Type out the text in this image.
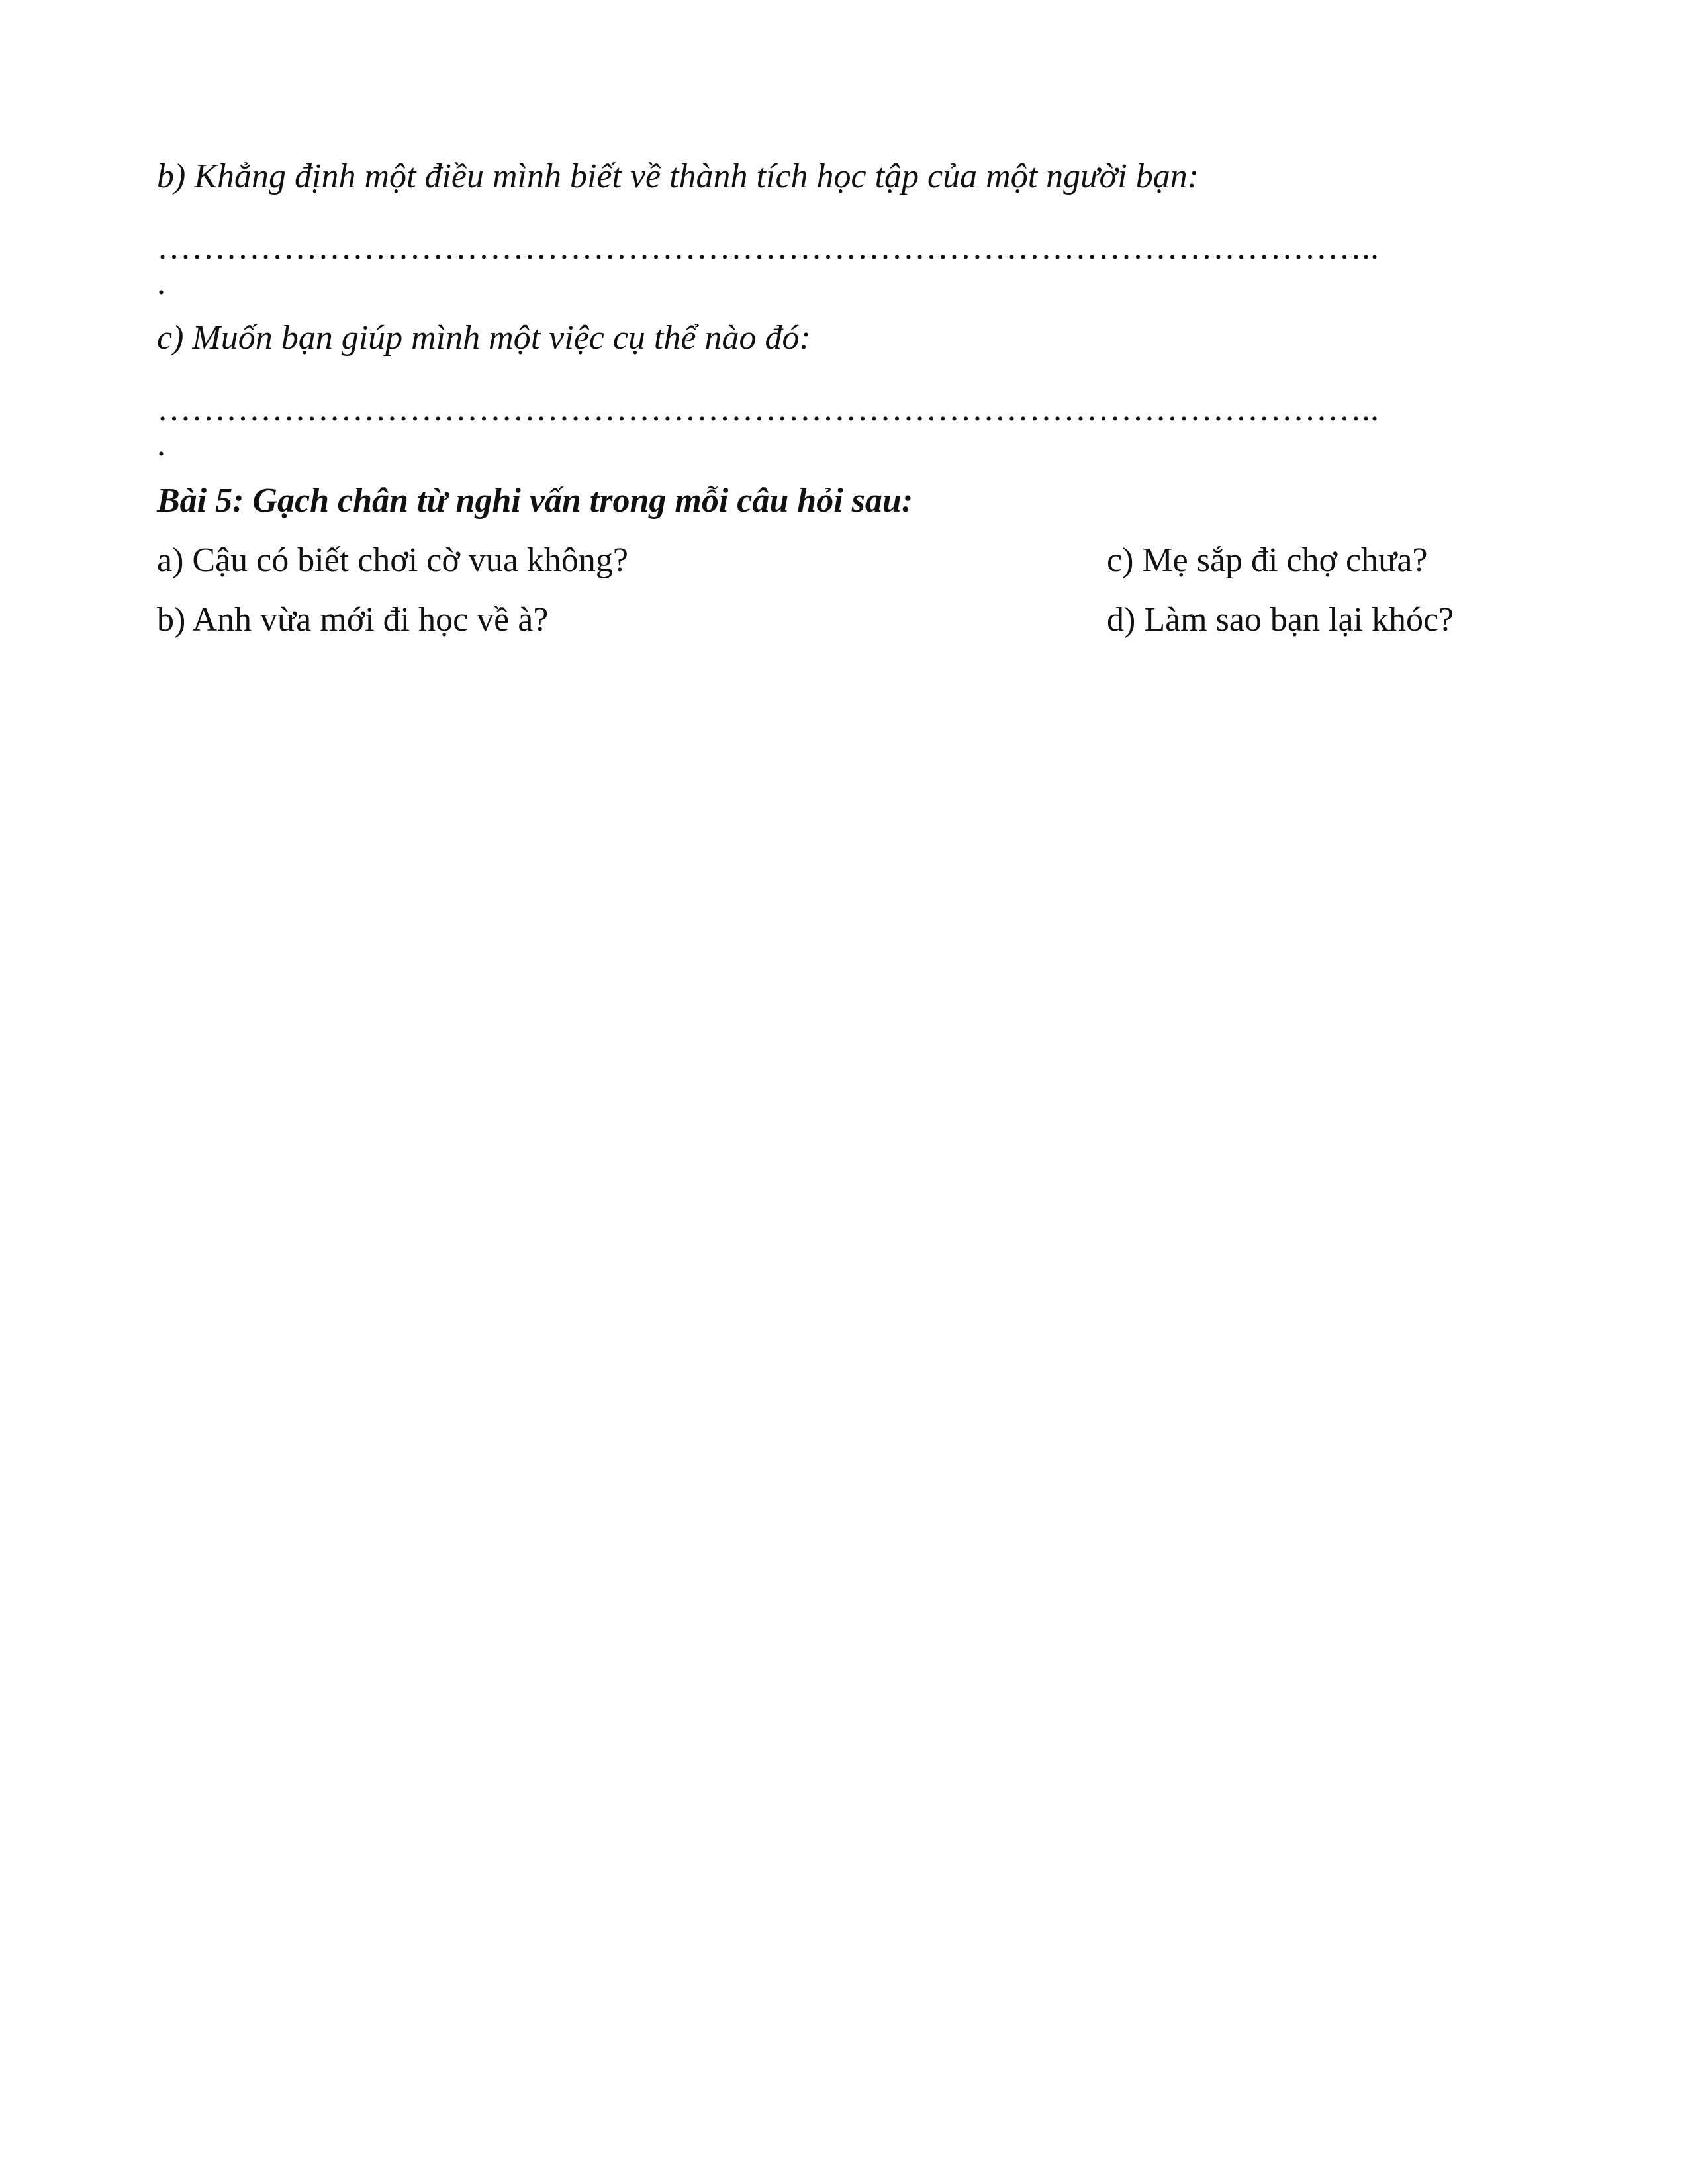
b) Khẳng định một điều mình biết về thành tích học tập của một người bạn:
……………………………………………………………………………………………..
.
c) Muốn bạn giúp mình một việc cụ thể nào đó:
……………………………………………………………………………………………..
.
Bài 5: Gạch chân từ nghi vấn trong mỗi câu hỏi sau:
a) Cậu có biết chơi cờ vua không?	c) Mẹ sắp đi chợ chưa?
b) Anh vừa mới đi học về à?	d) Làm sao bạn lại khóc?
